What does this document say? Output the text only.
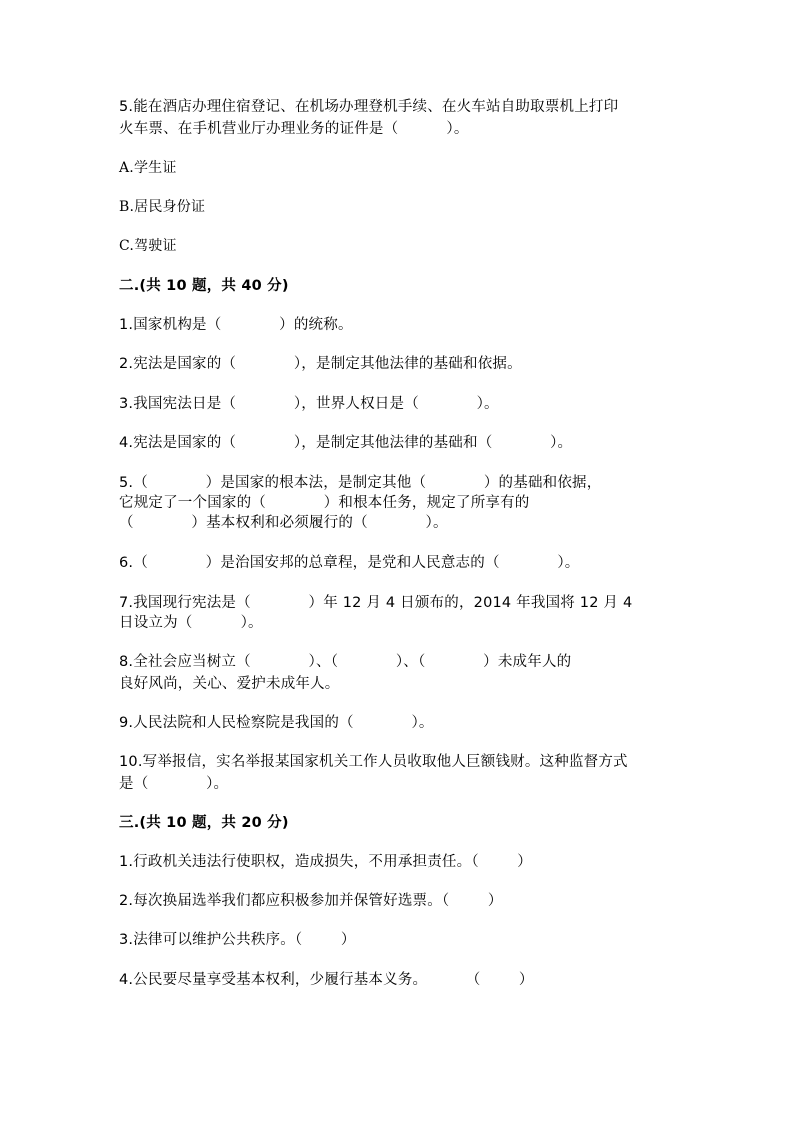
5.能在酒店办理住宿登记、在机场办理登机手续、在火车站自助取票机上打印
火车票、在手机营业厅办理业务的证件是（          ）。
A.学生证
B.居民身份证
C.驾驶证
二.(共 10 题，共 40 分)
1.国家机构是（            ）的统称。
2.宪法是国家的（            ），是制定其他法律的基础和依据。
3.我国宪法日是（            ），世界人权日是（            ）。
4.宪法是国家的（            ），是制定其他法律的基础和（            ）。
5.（            ）是国家的根本法，是制定其他（            ）的基础和依据，
它规定了一个国家的（            ）和根本任务，规定了所享有的
（            ）基本权利和必须履行的（            ）。
6.（            ）是治国安邦的总章程，是党和人民意志的（            ）。
7.我国现行宪法是（            ）年 12 月 4 日颁布的，2014 年我国将 12 月 4
日设立为（          ）。
8.全社会应当树立（            ）、（            ）、（            ）未成年人的
良好风尚，关心、爱护未成年人。
9.人民法院和人民检察院是我国的（            ）。
10.写举报信，实名举报某国家机关工作人员收取他人巨额钱财。这种监督方式
是（            ）。
三.(共 10 题，共 20 分)
1.行政机关违法行使职权，造成损失，不用承担责任。（        ）
2.每次换届选举我们都应积极参加并保管好选票。（        ）
3.法律可以维护公共秩序。（        ）
4.公民要尽量享受基本权利，少履行基本义务。        （        ）
